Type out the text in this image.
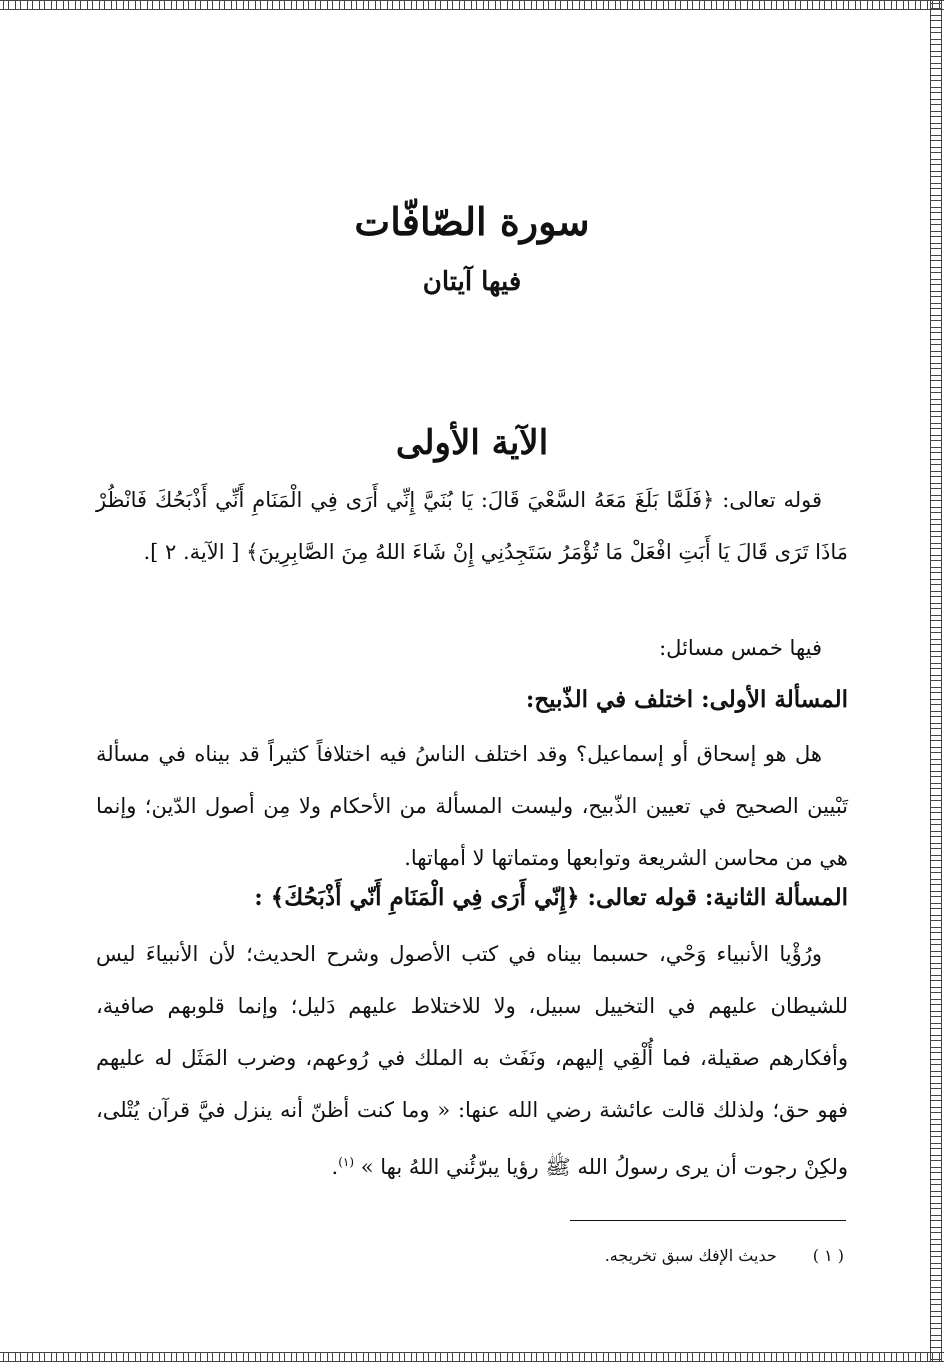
سورة الصّافّات
فيها آيتان
الآية الأولى

قوله تعالى: ﴿فَلَمَّا بَلَغَ مَعَهُ السَّعْيَ قَالَ: يَا بُنَيَّ إِنِّي أَرَى فِي الْمَنَامِ أَنِّي أَذْبَحُكَ فَانْظُرْ مَاذَا تَرَى قَالَ يَا أَبَتِ افْعَلْ مَا تُؤْمَرُ سَتَجِدُنِي إِنْ شَاءَ اللهُ مِنَ الصَّابِرِينَ﴾ [ الآية. ٢ ].

فيها خمس مسائل:

المسألة الأولى: اختلف في الذّبيح:

هل هو إسحاق أو إسماعيل؟ وقد اختلف الناسُ فيه اختلافاً كثيراً قد بيناه في مسألة تَبْيين الصحيح في تعيين الذّبيح، وليست المسألة من الأحكام ولا مِن أصول الدّين؛ وإنما هي من محاسن الشريعة وتوابعها ومتماتها لا أمهاتها.

المسألة الثانية: قوله تعالى: ﴿إِنّي أَرَى فِي الْمَنَامِ أَنّي أَذْبَحُكَ﴾ :

ورُؤْيا الأنبياء وَحْي، حسبما بيناه في كتب الأصول وشرح الحديث؛ لأن الأنبياءَ ليس للشيطان عليهم في التخييل سبيل، ولا للاختلاط عليهم دَليل؛ وإنما قلوبهم صافية، وأفكارهم صقيلة، فما أُلْقِي إليهم، ونَفَث به الملك في رُوعهم، وضرب المَثَل له عليهم فهو حق؛ ولذلك قالت عائشة رضي الله عنها: « وما كنت أظنّ أنه ينزل فيَّ قرآن يُتْلى، ولكِنْ رجوت أن يرى رسولُ الله ﷺ رؤيا يبرّئُني اللهُ بها » $^{(١)}$.

( ١ )حديث الإفك سبق تخريجه.
